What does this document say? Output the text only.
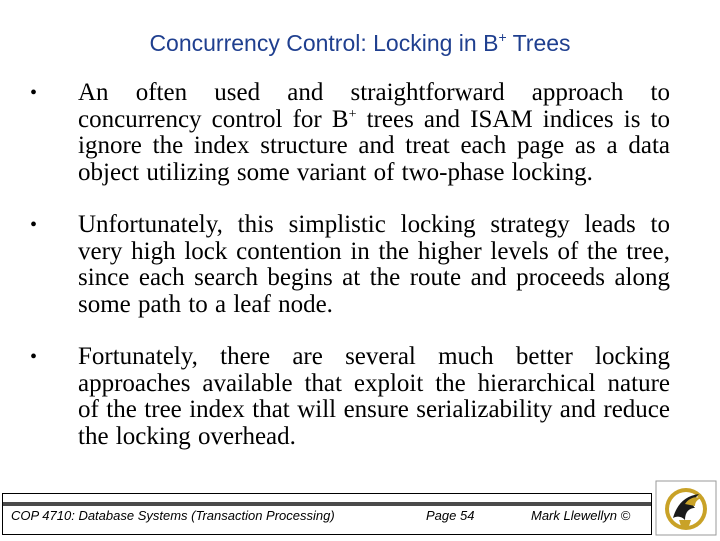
Concurrency Control: Locking in B+ Trees
• An often used and straightforward approach to concurrency control for B+ trees and ISAM indices is to ignore the index structure and treat each page as a data object utilizing some variant of two-phase locking.
• Unfortunately, this simplistic locking strategy leads to very high lock contention in the higher levels of the tree, since each search begins at the route and proceeds along some path to a leaf node.
• Fortunately, there are several much better locking approaches available that exploit the hierarchical nature of the tree index that will ensure serializability and reduce the locking overhead.
COP 4710: Database Systems (Transaction Processing)	Page 54	Mark Llewellyn ©
